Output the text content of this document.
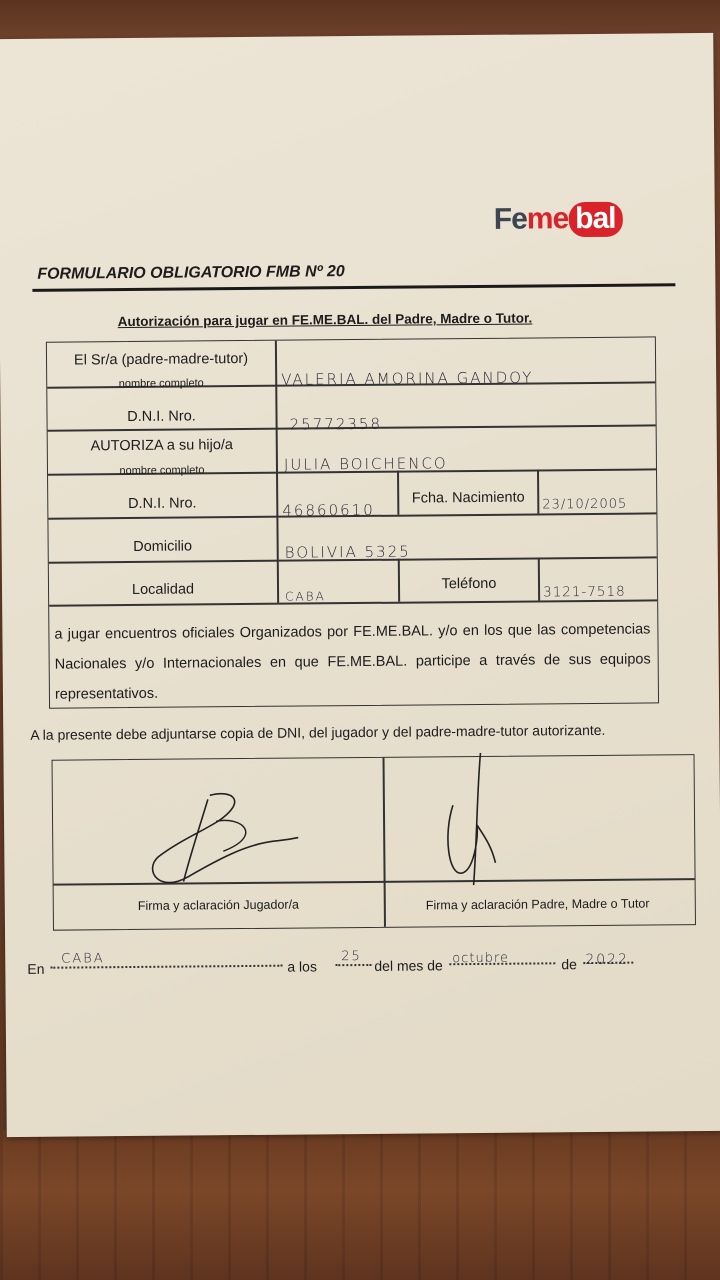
Feme bal
FORMULARIO OBLIGATORIO FMB Nº 20
Autorización para jugar en FE.ME.BAL. del Padre, Madre o Tutor.
El Sr/a (padre-madre-tutor)
nombre completo	VALERIA AMORINA GANDOY
D.N.I. Nro.	25772358
AUTORIZA a su hijo/a
nombre completo	JULIA BOICHENCO
D.N.I. Nro.	46860610
Fcha. Nacimiento	23/10/2005
Domicilio	BOLIVIA 5325
Localidad	CABA
Teléfono	3121-7518
a jugar encuentros oficiales Organizados por FE.ME.BAL. y/o en los que las competencias Nacionales y/o Internacionales en que FE.ME.BAL. participe a través de sus equipos representativos.
A la presente debe adjuntarse copia de DNI, del jugador y del padre-madre-tutor autorizante.
Firma y aclaración Jugador/a	Firma y aclaración Padre, Madre o Tutor
En
CABA	a los
25
del mes de octubre	de 2022
